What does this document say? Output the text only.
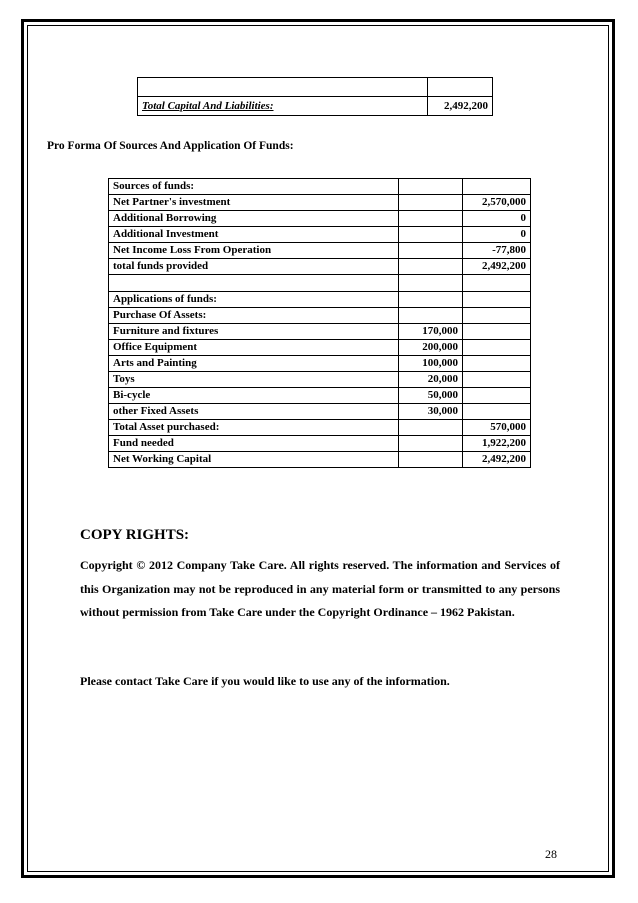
Total Capital And Liabilities:	2,492,200
Pro Forma Of Sources And Application Of Funds:
Sources of funds:		
Net Partner's investment		2,570,000
Additional Borrowing		0
Additional Investment		0
Net Income Loss From Operation		-77,800
total funds provided		2,492,200

Applications of funds:		
Purchase Of Assets:		
Furniture and fixtures	170,000	
Office Equipment	200,000	
Arts and Painting	100,000	
Toys	20,000	
Bi-cycle	50,000	
other Fixed Assets	30,000	
Total Asset purchased:		570,000
Fund needed		1,922,200
Net Working Capital		2,492,200
COPY RIGHTS:

Copyright © 2012 Company Take Care. All rights reserved. The information and Services of this Organization may not be reproduced in any material form or transmitted to any persons without permission from Take Care under the Copyright Ordinance – 1962 Pakistan.

Please contact Take Care if you would like to use any of the information.
28
